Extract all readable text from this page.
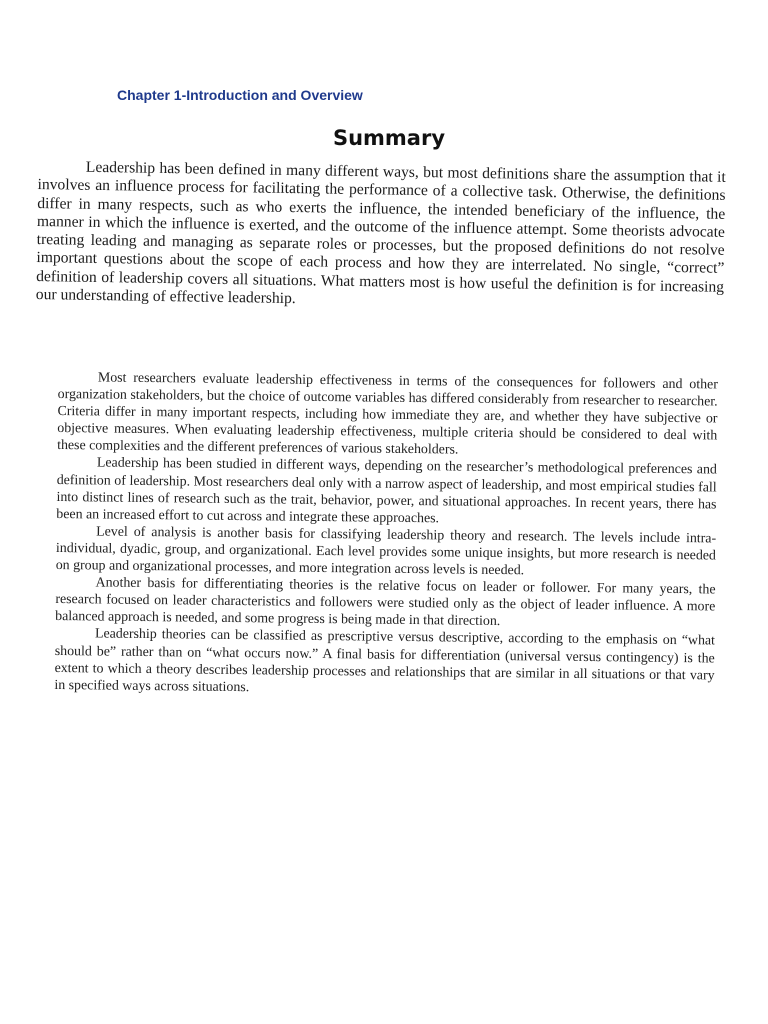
Chapter 1-Introduction and Overview
Summary

Leadership has been defined in many different ways, but most definitions share the assumption that it involves an influence process for facilitating the performance of a collective task. Otherwise, the definitions differ in many respects, such as who exerts the influence, the intended beneficiary of the influence, the manner in which the influence is exerted, and the outcome of the influence attempt. Some theorists advocate treating leading and managing as separate roles or processes, but the proposed definitions do not resolve important questions about the scope of each process and how they are interrelated. No single, “correct” definition of leadership covers all situations. What matters most is how useful the definition is for increasing our understanding of effective leadership.

Most researchers evaluate leadership effectiveness in terms of the consequences for followers and other organization stakeholders, but the choice of outcome variables has differed considerably from researcher to researcher. Criteria differ in many important respects, including how immediate they are, and whether they have subjective or objective measures. When evaluating leadership effectiveness, multiple criteria should be considered to deal with these complexities and the different preferences of various stakeholders.

Leadership has been studied in different ways, depending on the researcher’s methodological preferences and definition of leadership. Most researchers deal only with a narrow aspect of leadership, and most empirical studies fall into distinct lines of research such as the trait, behavior, power, and situational approaches. In recent years, there has been an increased effort to cut across and integrate these approaches.

Level of analysis is another basis for classifying leadership theory and research. The levels include intra-individual, dyadic, group, and organizational. Each level provides some unique insights, but more research is needed on group and organizational processes, and more integration across levels is needed.

Another basis for differentiating theories is the relative focus on leader or follower. For many years, the research focused on leader characteristics and followers were studied only as the object of leader influence. A more balanced approach is needed, and some progress is being made in that direction.

Leadership theories can be classified as prescriptive versus descriptive, according to the emphasis on “what should be” rather than on “what occurs now.” A final basis for differentiation (universal versus contingency) is the extent to which a theory describes leadership processes and relationships that are similar in all situations or that vary in specified ways across situations.
